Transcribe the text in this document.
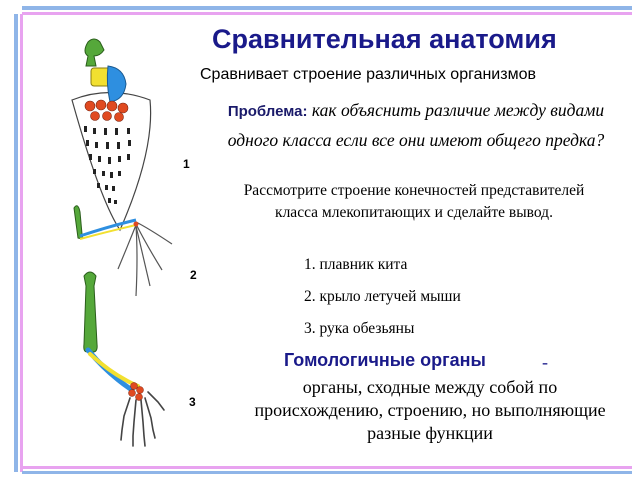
1
2
3
Сравнительная анатомия
Сравнивает строение различных организмов
Проблема: как объяснить различие между видами одного класса если все они имеют общего предка?
Рассмотрите строение конечностей представителей класса млекопитающих и сделайте вывод.
1. плавник кита
2. крыло летучей мыши
3. рука обезьяны
Гомологичные органы	-
органы, сходные между собой по происхождению, строению, но выполняющие разные функции
